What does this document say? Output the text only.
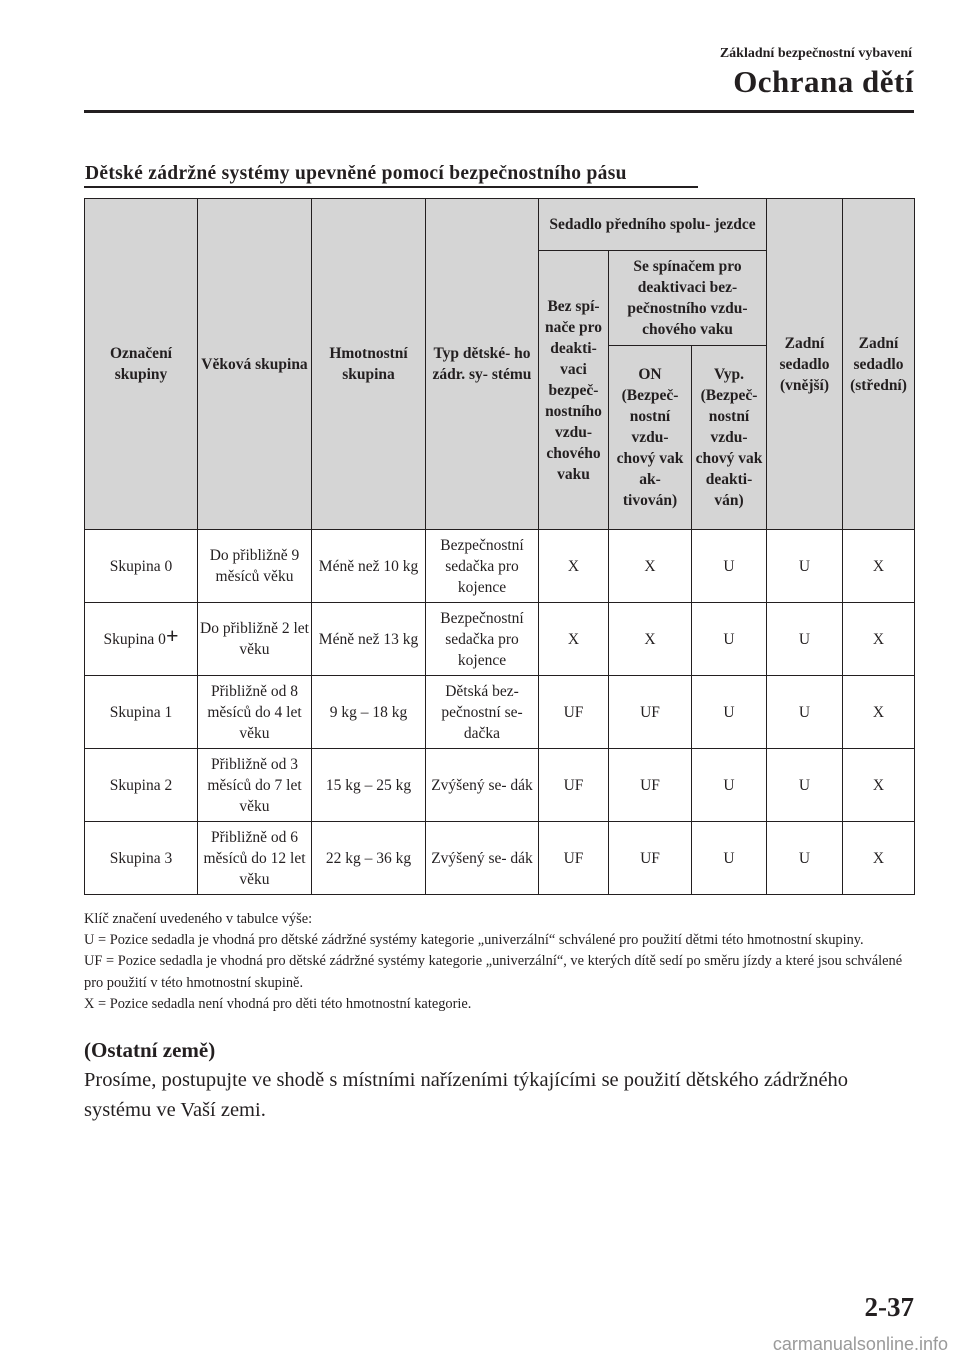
Základní bezpečnostní vybavení
Ochrana dětí
Dětské zádržné systémy upevněné pomocí bezpečnostního pásu
Označení skupiny	Věková skupina	Hmotnostní skupina	Typ dětské- ho zádr. sy- stému	Sedadlo předního spolu- jezdce			Zadní sedadlo (vnější)	Zadní sedadlo (střední)
				Bez spí- nače pro deakti- vaci bezpeč- nostního vzdu- chového vaku	Se spínačem pro deaktivaci bez- pečnostního vzdu- chového vaku			
					ON (Bezpeč- nostní vzdu- chový vak ak- tivován)	Vyp. (Bezpeč- nostní vzdu- chový vak deakti- ván)		
Skupina 0	Do přibližně 9 měsíců věku	Méně než 10 kg	Bezpečnostní sedačka pro kojence	X	X	U	U	X
Skupina 0+	Do přibližně 2 let věku	Méně než 13 kg	Bezpečnostní sedačka pro kojence	X	X	U	U	X
Skupina 1	Přibližně od 8 měsíců do 4 let věku	9 kg – 18 kg	Dětská bez- pečnostní se- dačka	UF	UF	U	U	X
Skupina 2	Přibližně od 3 měsíců do 7 let věku	15 kg – 25 kg	Zvýšený se- dák	UF	UF	U	U	X
Skupina 3	Přibližně od 6 měsíců do 12 let věku	22 kg – 36 kg	Zvýšený se- dák	UF	UF	U	U	X

Klíč značení uvedeného v tabulce výše:

U = Pozice sedadla je vhodná pro dětské zádržné systémy kategorie „univerzální“ schválené pro použití dětmi této hmotnostní skupiny.

UF = Pozice sedadla je vhodná pro dětské zádržné systémy kategorie „univerzální“, ve kterých dítě sedí po směru jízdy a které jsou schválené pro použití v této hmotnostní skupině.

X = Pozice sedadla není vhodná pro děti této hmotnostní kategorie.

(Ostatní země)

Prosíme, postupujte ve shodě s místními nařízeními týkajícími se použití dětského zádržného systému ve Vaší zemi.

2-37
carmanualsonline.info
